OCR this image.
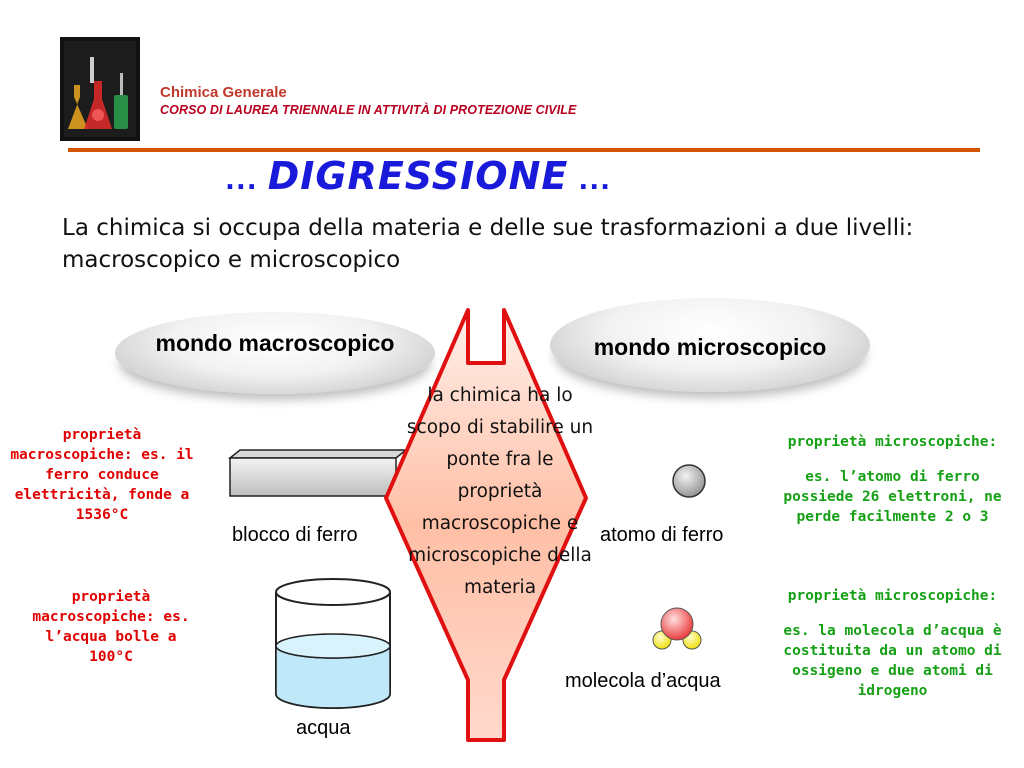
Chimica Generale
CORSO DI LAUREA TRIENNALE IN ATTIVITÀ DI PROTEZIONE CIVILE
... DIGRESSIONE ...
La chimica si occupa della materia e delle sue trasformazioni a due livelli: macroscopico e microscopico
mondo macroscopico	mondo microscopico
blocco di ferro
acqua
atomo di ferro
molecola d’acqua
la chimica ha lo scopo di stabilire un ponte fra le proprietà macroscopiche e microscopiche della materia
proprietà macroscopiche: es. il ferro conduce elettricità, fonde a 1536°C
proprietà macroscopiche: es. l’acqua bolle a 100°C
proprietà microscopiche:
es. l’atomo di ferro possiede 26 elettroni, ne perde facilmente 2 o 3
proprietà microscopiche:
es. la molecola d’acqua è costituita da un atomo di ossigeno e due atomi di idrogeno
